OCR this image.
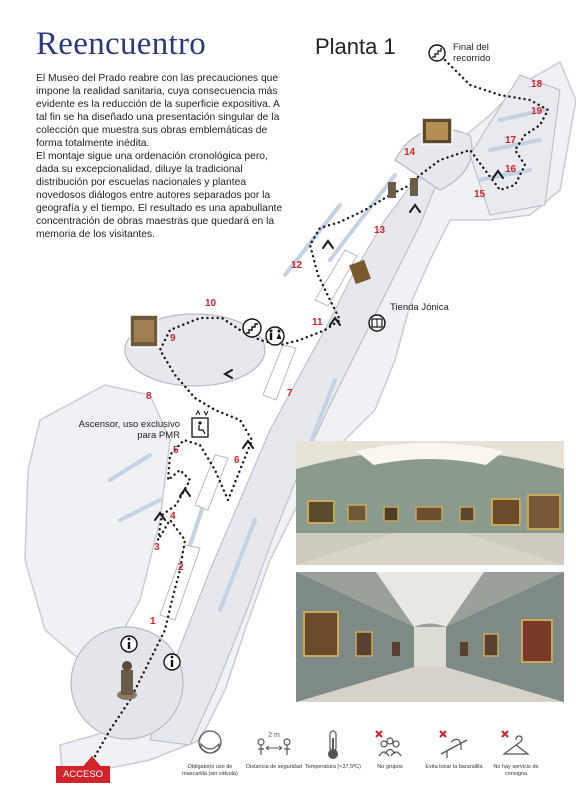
1
2
3
4
5
6
7
8
9
10
11
12
13
14
15
16
17
18
19
Reencuentro	Planta 1

El Museo del Prado reabre con las precauciones que impone la realidad sanitaria, cuya consecuencia más evidente es la reducción de la superficie expositiva. A tal fin se ha diseñado una presentación singular de la colección que muestra sus obras emblemáticas de forma totalmente inédita.

El montaje sigue una ordenación cronológica pero, dada su excepcionalidad, diluye la tradicional distribución por escuelas nacionales y plantea novedosos diálogos entre autores separados por la geografía y el tiempo. El resultado es una apabullante concentración de obras maestras que quedará en la memoria de los visitantes.

Final del recorrido
Tienda Jónica
Ascensor, uso exclusivo para PMR
ACCESO
Obligatorio uso de mascarilla (sin válvula)
2 m
Distancia de seguridad Temperatura (<37,5ºC)	No grupos	Evita tocar la barandilla	No hay servicio de consigna
